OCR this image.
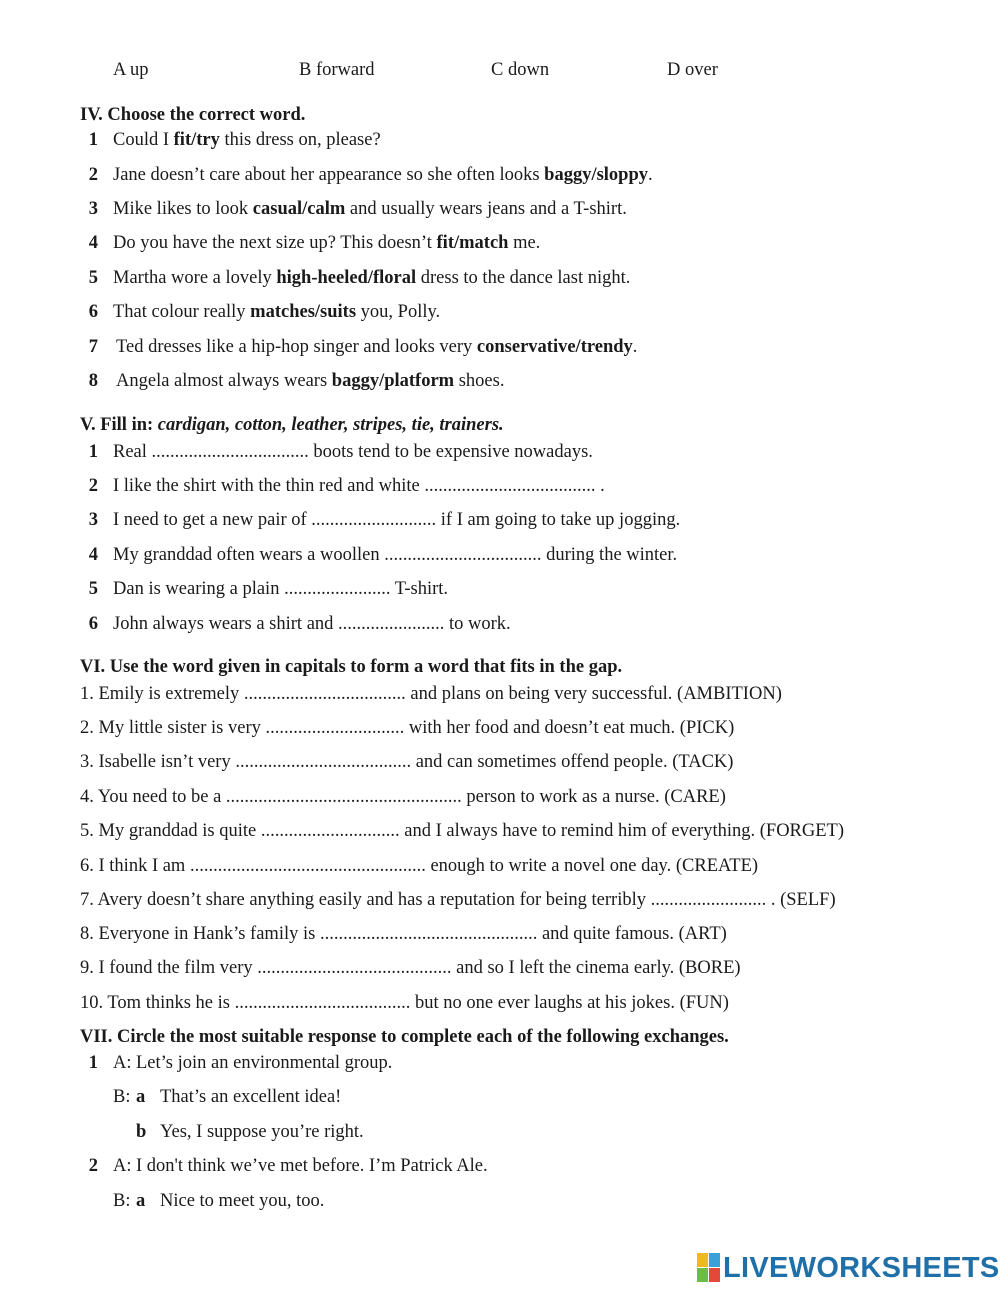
A up	B forward	C down	D over
IV. Choose the correct word.
1 Could I fit/try this dress on, please?
2 Jane doesn’t care about her appearance so she often looks baggy/sloppy.
3 Mike likes to look casual/calm and usually wears jeans and a T-shirt.
4 Do you have the next size up? This doesn’t fit/match me.
5 Martha wore a lovely high-heeled/floral dress to the dance last night.
6 That colour really matches/suits you, Polly.
7 Ted dresses like a hip-hop singer and looks very conservative/trendy.
8 Angela almost always wears baggy/platform shoes.
V. Fill in: cardigan, cotton, leather, stripes, tie, trainers.
1 Real .................................. boots tend to be expensive nowadays.
2 I like the shirt with the thin red and white ..................................... .
3 I need to get a new pair of ........................... if I am going to take up jogging.
4 My granddad often wears a woollen .................................. during the winter.
5 Dan is wearing a plain ....................... T-shirt.
6 John always wears a shirt and ....................... to work.
VI. Use the word given in capitals to form a word that fits in the gap.
1. Emily is extremely ................................... and plans on being very successful. (AMBITION)
2. My little sister is very .............................. with her food and doesn’t eat much. (PICK)
3. Isabelle isn’t very ...................................... and can sometimes offend people. (TACK)
4. You need to be a ................................................... person to work as a nurse. (CARE)
5. My granddad is quite .............................. and I always have to remind him of everything. (FORGET)
6. I think I am ................................................... enough to write a novel one day. (CREATE)
7. Avery doesn’t share anything easily and has a reputation for being terribly ......................... . (SELF)
8. Everyone in Hank’s family is ............................................... and quite famous. (ART)
9. I found the film very .......................................... and so I left the cinema early. (BORE)
10. Tom thinks he is ...................................... but no one ever laughs at his jokes. (FUN)
VII. Circle the most suitable response to complete each of the following exchanges.
1 A: Let’s join an environmental group.
B: a That’s an excellent idea!
b Yes, I suppose you’re right.
2 A: I don't think we’ve met before. I’m Patrick Ale.
B: a Nice to meet you, too.
LIVEWORKSHEETS
